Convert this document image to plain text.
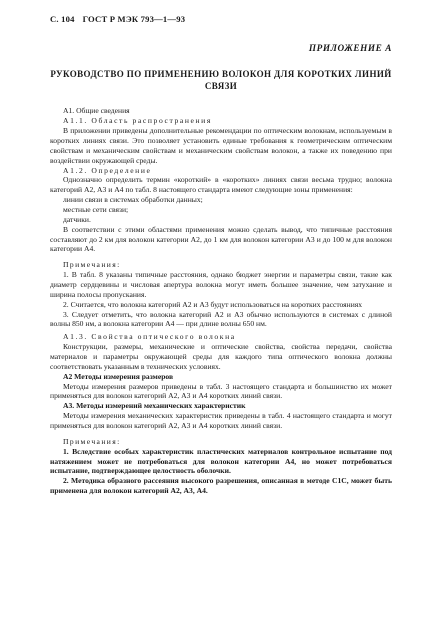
С. 104 ГОСТ Р МЭК 793—1—93
ПРИЛОЖЕНИЕ А
РУКОВОДСТВО ПО ПРИМЕНЕНИЮ ВОЛОКОН ДЛЯ КОРОТКИХ ЛИНИЙ СВЯЗИ
А1. Общие сведения
А1.1. Область распространения

В приложении приведены дополнительные рекомендации по оптическим волокнам, используемым в коротких линиях связи. Это позволяет установить единые требования к геометрическим оптическим свойствам и механическим свойствам и механическим свойствам волокон, а также их поведению при воздействии окружающей среды.

А1.2. Определение

Однозначно определить термин «короткий» в «коротких» линиях связи весьма трудно; волокна категорий А2, А3 и А4 по табл. 8 настоящего стандарта имеют следующие зоны применения:

линии связи в системах обработки данных;
местные сети связи;
датчики.

В соответствии с этими областями применения можно сделать вывод, что типичные расстояния составляют до 2 км для волокон категории А2, до 1 км для волокон категории А3 и до 100 м для волокон категории А4.

Примечания:

1. В табл. 8 указаны типичные расстояния, однако бюджет энергии и параметры связи, такие как диаметр сердцевины и числовая апертура волокна могут иметь большее значение, чем затухание и ширина полосы пропускания.

2. Считается, что волокна категорий А2 и А3 будут использоваться на коротких расстояниях

3. Следует отметить, что волокна категорий А2 и А3 обычно используются в системах с длиной волны 850 нм, а волокна категории А4 — при длине волны 650 нм.

А1.3. Свойства оптического волокна

Конструкции, размеры, механические и оптические свойства, свойства передачи, свойства материалов и параметры окружающей среды для каждого типа оптического волокна должны соответствовать указанным в технических условиях.

А2 Методы измерения размеров

Методы измерения размеров приведены в табл. 3 настоящего стандарта и большинство их может применяться для волокон категорий А2, А3 и А4 коротких линий связи.

А3. Методы измерений механических характеристик

Методы измерения механических характеристик приведены в табл. 4 настоящего стандарта и могут применяться для волокон категорий А2, А3 и А4 коротких линий связи.

Примечания:

1. Вследствие особых характеристик пластических материалов контрольное испытание под натяжением может не потребоваться для волокон категории А4, но может потребоваться испытание, подтверждающее целостность оболочки.

2. Методика образного рассеяния высокого разрешения, описанная в методе С1С, может быть применена для волокон категорий А2, А3, А4.
